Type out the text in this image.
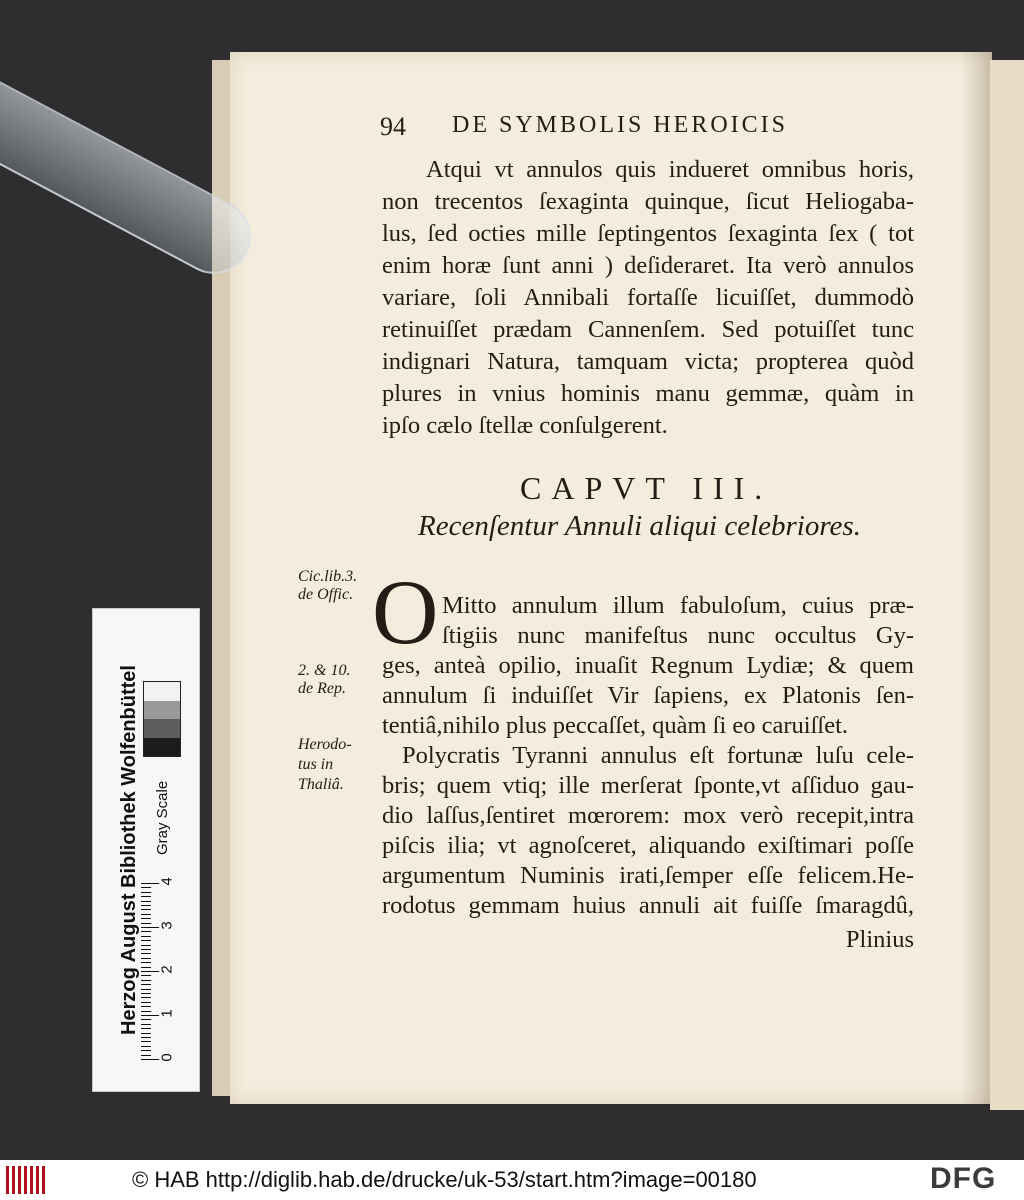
94 DE SYMBOLIS HEROICIS
Atqui vt annulos quis indueret omnibus horis,
non trecentos ſexaginta quinque, ſicut Heliogaba-
lus, ſed octies mille ſeptingentos ſexaginta ſex ( tot
enim horæ ſunt anni ) deſideraret. Ita verò annulos
variare, ſoli Annibali fortaſſe licuiſſet, dummodò
retinuiſſet prædam Cannenſem. Sed potuiſſet tunc
indignari Natura, tamquam victa; propterea quòd
plures in vnius hominis manu gemmæ, quàm in
ipſo cælo ſtellæ conſulgerent.
CAPVT III.
Recenſentur Annuli aliqui celebriores.
Cic.lib.3.
de Offic.
2. & 10.
de Rep.
Herodo-
tus in
Thaliâ.
O Mitto annulum illum fabuloſum, cuius præ-
ſtigiis nunc manifeſtus nunc occultus Gy-
ges, anteà opilio, inuaſit Regnum Lydiæ; & quem
annulum ſi induiſſet Vir ſapiens, ex Platonis ſen-
tentiâ,nihilo plus peccaſſet, quàm ſi eo caruiſſet.
Polycratis Tyranni annulus eſt fortunæ luſu cele-
bris; quem vtiq; ille merſerat ſponte,vt aſſiduo gau-
dio laſſus,ſentiret mœrorem: mox verò recepit,intra
piſcis ilia; vt agnoſceret, aliquando exiſtimari poſſe
argumentum Numinis irati,ſemper eſſe felicem.He-
rodotus gemmam huius annuli ait fuiſſe ſmaragdû,
Plinius
Herzog August Bibliothek Wolfenbüttel Gray Scale
0
1
2
3
4
© HAB http://diglib.hab.de/drucke/uk-53/start.htm?image=00180	DFG
